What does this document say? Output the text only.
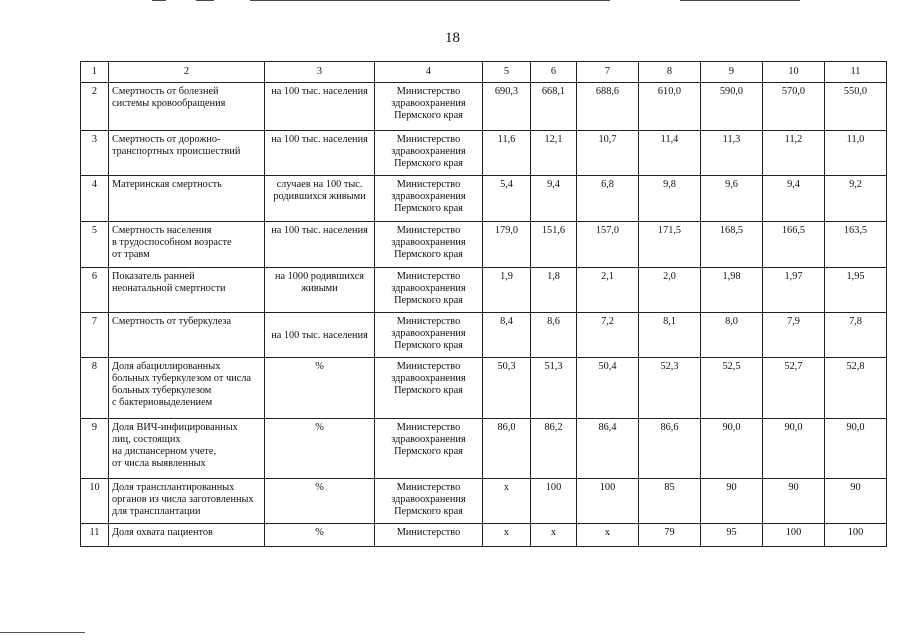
18
1	2	3	4	5	6	7	8	9	10	11

2	Смертность от болезней
системы кровообращения	на 100 тыс. населения	Министерство
здравоохранения
Пермского края	690,3	668,1	688,6	610,0	590,0	570,0	550,0

3	Смертность от дорожно-
транспортных происшествий	на 100 тыс. населения	Министерство
здравоохранения
Пермского края	11,6	12,1	10,7	11,4	11,3	11,2	11,0

4	Материнская смертность	случаев на 100 тыс.
родившихся живыми	Министерство
здравоохранения
Пермского края	5,4	9,4	6,8	9,8	9,6	9,4	9,2

5	Смертность населения
в трудоспособном возрасте
от травм	на 100 тыс. населения	Министерство
здравоохранения
Пермского края	179,0	151,6	157,0	171,5	168,5	166,5	163,5

6	Показатель ранней
неонатальной смертности	на 1000 родившихся
живыми	Министерство
здравоохранения
Пермского края	1,9	1,8	2,1	2,0	1,98	1,97	1,95

7	Смертность от туберкулеза	на 100 тыс. населения	Министерство
здравоохранения
Пермского края	8,4	8,6	7,2	8,1	8,0	7,9	7,8

8	Доля абациллированных
больных туберкулезом от числа
больных туберкулезом
с бактериовыделением	%	Министерство
здравоохранения
Пермского края	50,3	51,3	50,4	52,3	52,5	52,7	52,8

9	Доля ВИЧ-инфицированных
лиц, состоящих
на диспансерном учете,
от числа выявленных	%	Министерство
здравоохранения
Пермского края	86,0	86,2	86,4	86,6	90,0	90,0	90,0

10	Доля трансплантированных
органов из числа заготовленных
для трансплантации	%	Министерство
здравоохранения
Пермского края	х	100	100	85	90	90	90

11	Доля охвата пациентов	%	Министерство	х	х	х	79	95	100	100
